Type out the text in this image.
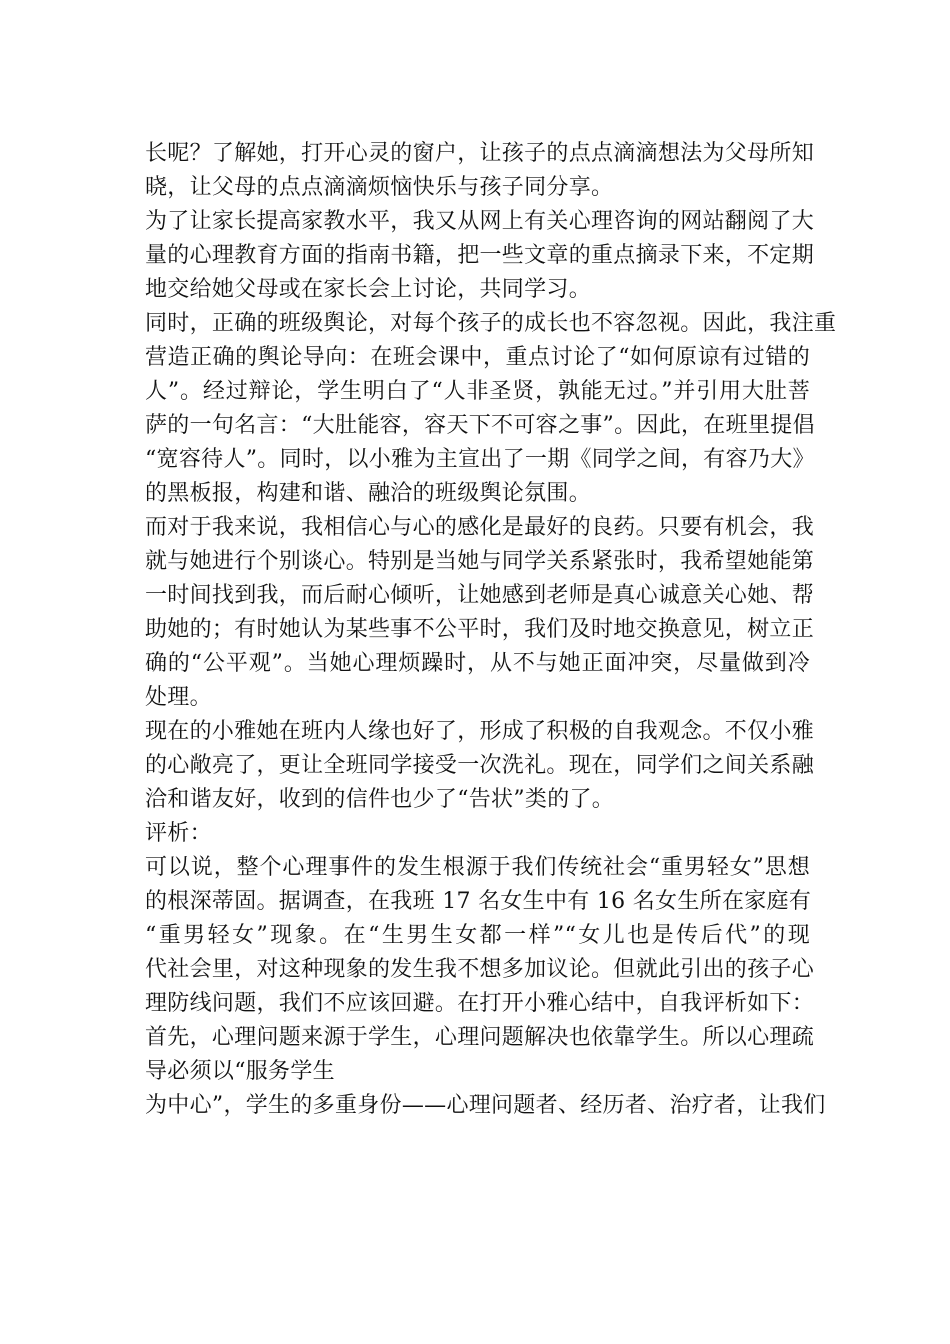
长呢？了解她，打开心灵的窗户，让孩子的点点滴滴想法为父母所知
晓，让父母的点点滴滴烦恼快乐与孩子同分享。
为了让家长提高家教水平，我又从网上有关心理咨询的网站翻阅了大
量的心理教育方面的指南书籍，把一些文章的重点摘录下来，不定期
地交给她父母或在家长会上讨论，共同学习。
同时，正确的班级舆论，对每个孩子的成长也不容忽视。因此，我注重
营造正确的舆论导向：在班会课中，重点讨论了“如何原谅有过错的
人”。经过辩论，学生明白了“人非圣贤，孰能无过。”并引用大肚菩
萨的一句名言：“大肚能容，容天下不可容之事”。因此，在班里提倡
“宽容待人”。同时，以小雅为主宣出了一期《同学之间，有容乃大》
的黑板报，构建和谐、融洽的班级舆论氛围。
而对于我来说，我相信心与心的感化是最好的良药。只要有机会，我
就与她进行个别谈心。特别是当她与同学关系紧张时，我希望她能第
一时间找到我，而后耐心倾听，让她感到老师是真心诚意关心她、帮
助她的；有时她认为某些事不公平时，我们及时地交换意见，树立正
确的“公平观”。当她心理烦躁时，从不与她正面冲突，尽量做到冷
处理。
现在的小雅她在班内人缘也好了，形成了积极的自我观念。不仅小雅
的心敞亮了，更让全班同学接受一次洗礼。现在，同学们之间关系融
洽和谐友好，收到的信件也少了“告状”类的了。
评析：
可以说，整个心理事件的发生根源于我们传统社会“重男轻女”思想
的根深蒂固。据调查，在我班 17 名女生中有 16 名女生所在家庭有
“重男轻女”现象。在“生男生女都一样”“女儿也是传后代”的现
代社会里，对这种现象的发生我不想多加议论。但就此引出的孩子心
理防线问题，我们不应该回避。在打开小雅心结中，自我评析如下：
首先，心理问题来源于学生，心理问题解决也依靠学生。所以心理疏
导必须以“服务学生
为中心”，学生的多重身份——心理问题者、经历者、治疗者，让我们
